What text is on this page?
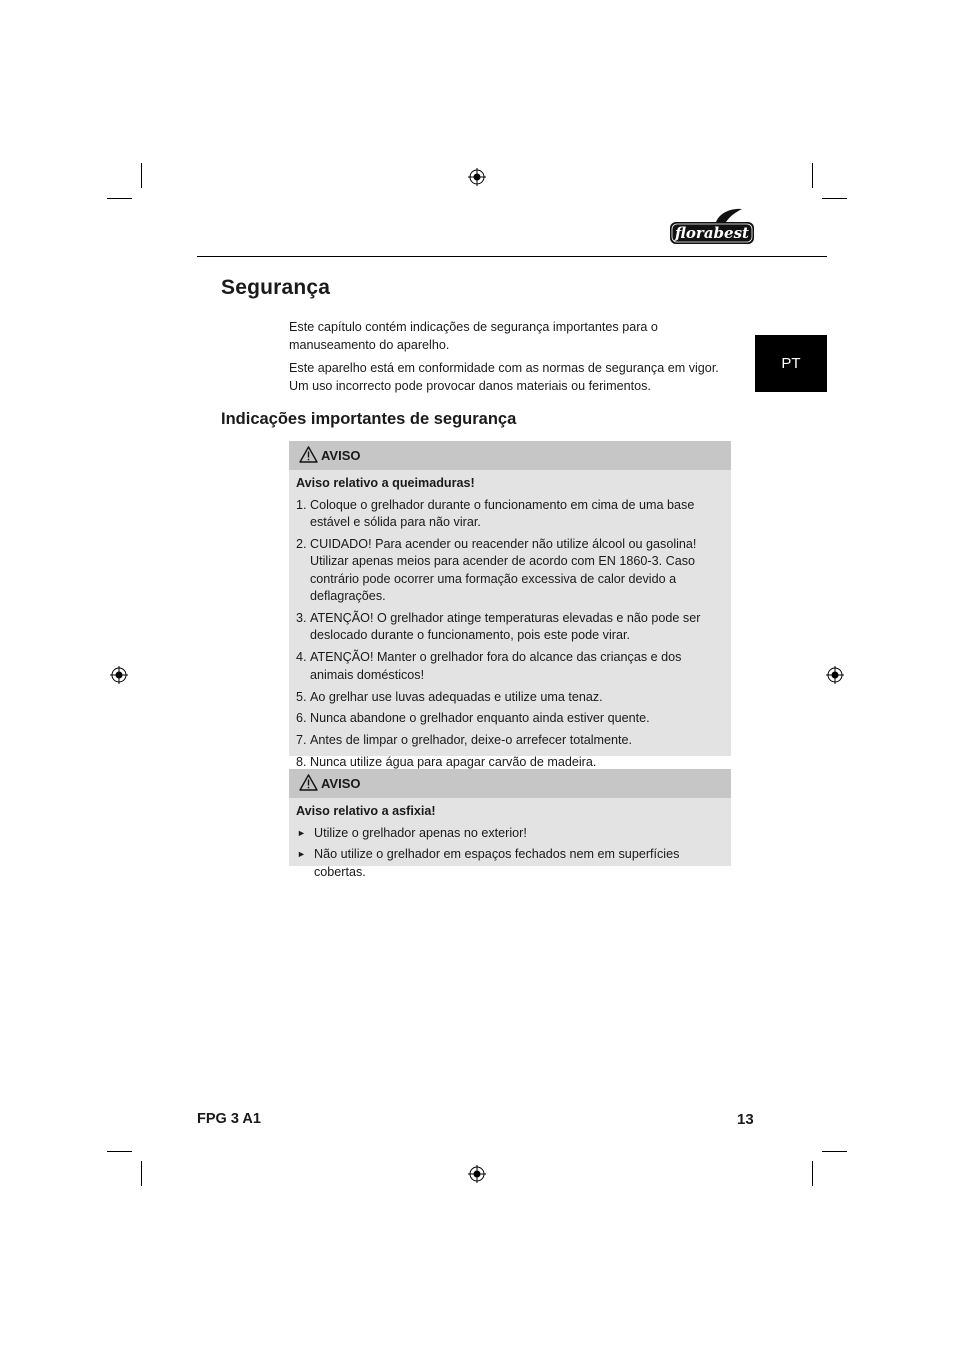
florabest
PT
Segurança

Este capítulo contém indicações de segurança importantes para o manuseamento do aparelho.

Este aparelho está em conformidade com as normas de segurança em vigor. Um uso incorrecto pode provocar danos materiais ou ferimentos.

Indicações importantes de segurança
AVISO
Aviso relativo a queimaduras!
1. Coloque o grelhador durante o funcionamento em cima de uma base estável e sólida para não virar.
2. CUIDADO! Para acender ou reacender não utilize álcool ou gasolina! Utilizar apenas meios para acender de acordo com EN 1860-3. Caso contrário pode ocorrer uma formação excessiva de calor devido a deflagrações.
3. ATENÇÃO! O grelhador atinge temperaturas elevadas e não pode ser deslocado durante o funcionamento, pois este pode virar.
4. ATENÇÃO! Manter o grelhador fora do alcance das crianças e dos animais domésticos!
5. Ao grelhar use luvas adequadas e utilize uma tenaz.
6. Nunca abandone o grelhador enquanto ainda estiver quente.
7. Antes de limpar o grelhador, deixe-o arrefecer totalmente.
8. Nunca utilize água para apagar carvão de madeira.
AVISO
Aviso relativo a asfixia!
► Utilize o grelhador apenas no exterior!
► Não utilize o grelhador em espaços fechados nem em superfícies cobertas.
FPG 3 A1	13
